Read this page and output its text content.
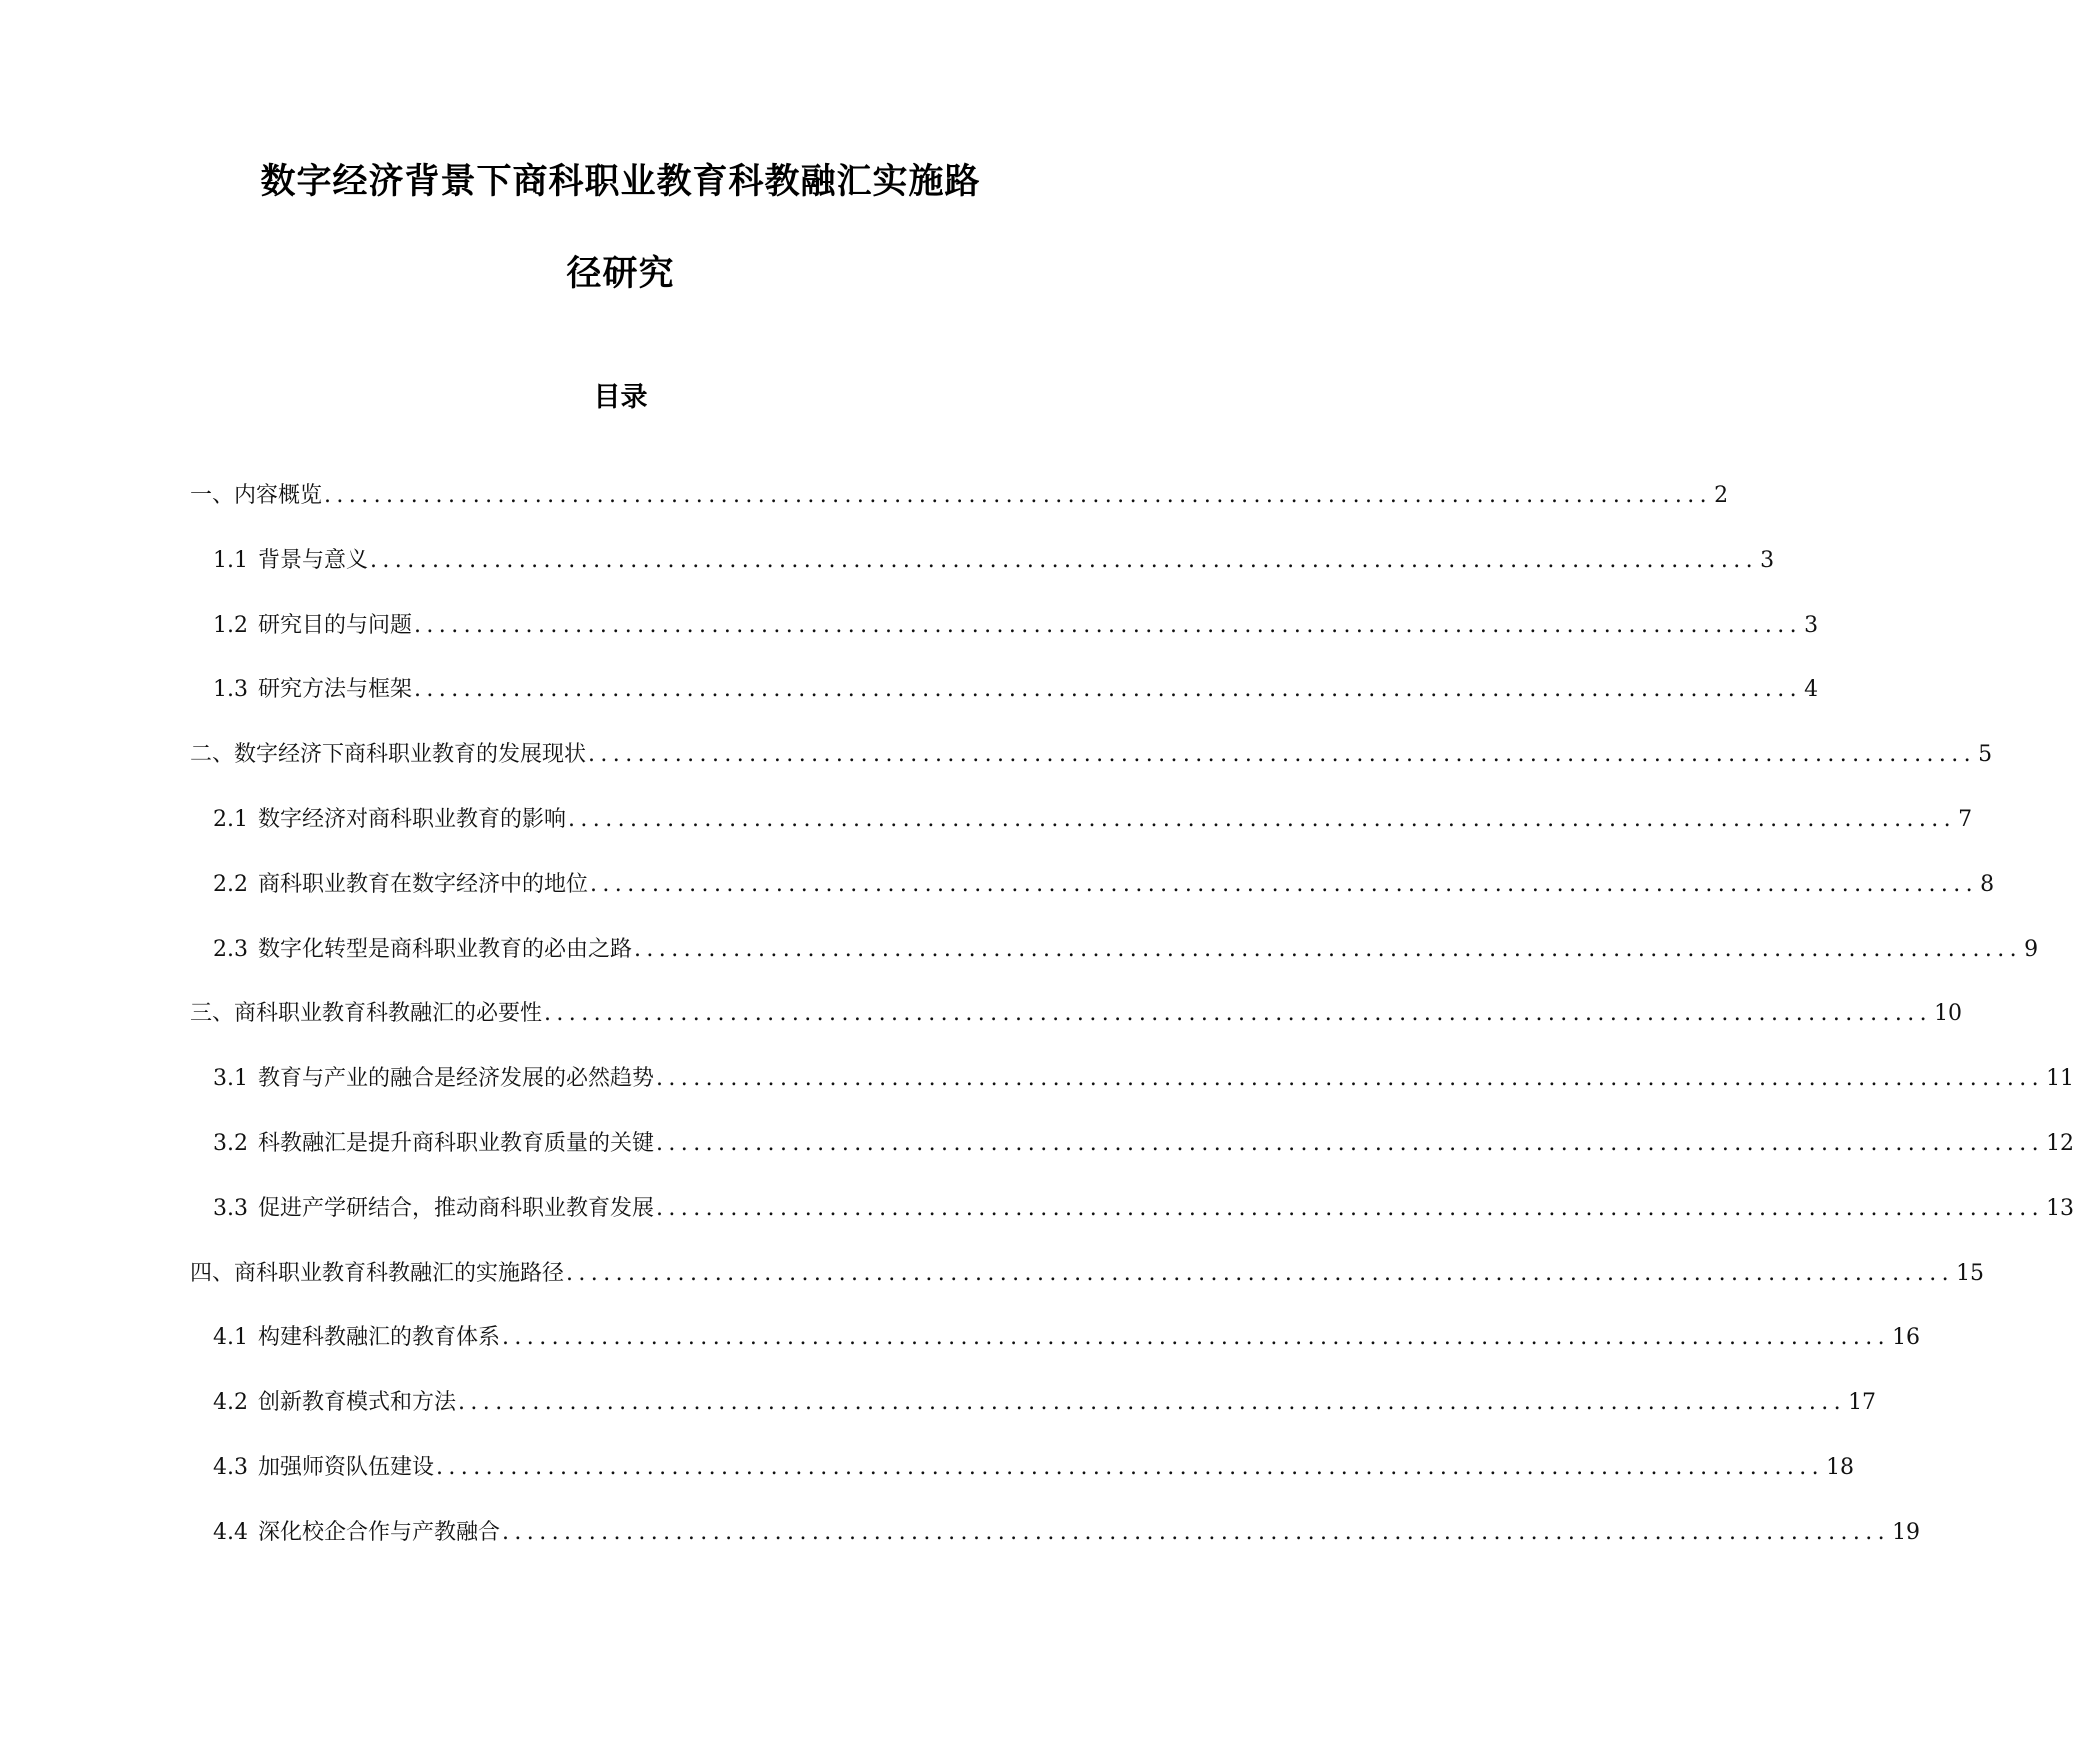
数字经济背景下商科职业教育科教融汇实施路

径研究

目录
一、内容概览 ................................................................................................................ 2
1.1 背景与意义 ................................................................................................................ 3
1.2 研究目的与问题 ................................................................................................................ 3
1.3 研究方法与框架 ................................................................................................................ 4
二、数字经济下商科职业教育的发展现状 ................................................................................................................ 5
2.1 数字经济对商科职业教育的影响 ................................................................................................................ 7
2.2 商科职业教育在数字经济中的地位 ................................................................................................................ 8
2.3 数字化转型是商科职业教育的必由之路 ................................................................................................................ 9
三、商科职业教育科教融汇的必要性 ................................................................................................................ 10
3.1 教育与产业的融合是经济发展的必然趋势 ................................................................................................................ 11
3.2 科教融汇是提升商科职业教育质量的关键 ................................................................................................................ 12
3.3 促进产学研结合，推动商科职业教育发展 ................................................................................................................ 13
四、商科职业教育科教融汇的实施路径 ................................................................................................................ 15
4.1 构建科教融汇的教育体系 ................................................................................................................ 16
4.2 创新教育模式和方法 ................................................................................................................ 17
4.3 加强师资队伍建设 ................................................................................................................ 18
4.4 深化校企合作与产教融合 ................................................................................................................ 19
